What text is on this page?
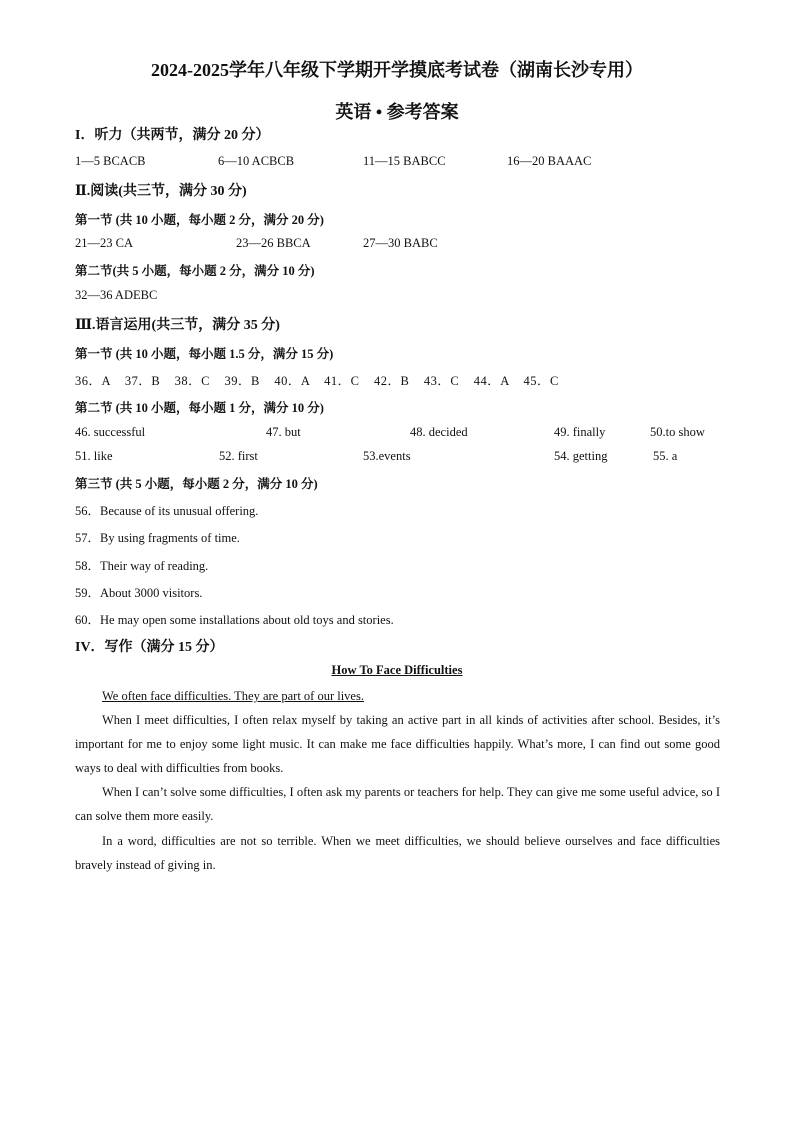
2024-2025学年八年级下学期开学摸底考试卷（湖南长沙专用）
英语 • 参考答案
I．听力（共两节，满分 20 分）
1—5 BCACB	6—10 ACBCB	11—15 BABCC	16—20 BAAAC
Ⅱ.阅读(共三节，满分 30 分)
第一节 (共 10 小题，每小题 2 分，满分 20 分)
21—23 CA	23—26 BBCA	27—30 BABC
第二节(共 5 小题，每小题 2 分，满分 10 分)
32—36 ADEBC
Ⅲ.语言运用(共三节，满分 35 分)
第一节 (共 10 小题，每小题 1.5 分，满分 15 分)
36．A    37．B    38．C    39．B    40．A    41．C    42．B    43．C    44．A    45．C
第二节 (共 10 小题，每小题 1 分，满分 10 分)
46. successful	47. but	48. decided	49. finally	50.to show
51. like	52. first	53.events	54. getting	55. a
第三节 (共 5 小题，每小题 2 分，满分 10 分)
56．Because of its unusual offering.
57．By using fragments of time.
58．Their way of reading.
59．About 3000 visitors.
60．He may open some installations about old toys and stories.
IV．写作（满分 15 分）
How To Face Difficulties
We often face difficulties. They are part of our lives.
When I meet difficulties, I often relax myself by taking an active part in all kinds of activities after school. Besides, it’s important for me to enjoy some light music. It can make me face difficulties happily. What’s more, I can find out some good ways to deal with difficulties from books.
When I can’t solve some difficulties, I often ask my parents or teachers for help. They can give me some useful advice, so I can solve them more easily.
In a word, difficulties are not so terrible. When we meet difficulties, we should believe ourselves and face difficulties bravely instead of giving in.
